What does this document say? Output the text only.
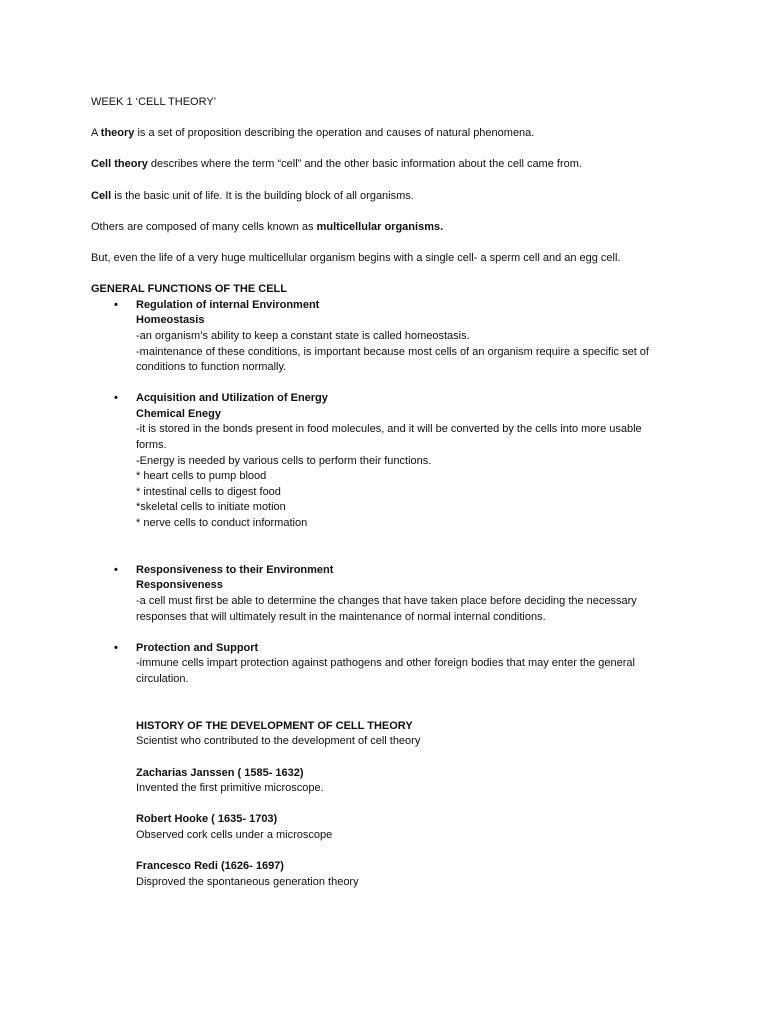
WEEK 1 ‘CELL THEORY’

A theory is a set of proposition describing the operation and causes of natural phenomena.

Cell theory describes where the term “cell” and the other basic information about the cell came from.

Cell is the basic unit of life. It is the building block of all organisms.

Others are composed of many cells known as multicellular organisms.

But, even the life of a very huge multicellular organism begins with a single cell- a sperm cell and an egg cell.

GENERAL FUNCTIONS OF THE CELL

• Regulation of internal Environment
Homeostasis
-an organism’s ability to keep a constant state is called homeostasis.
-maintenance of these conditions, is important because most cells of an organism require a specific set of
conditions to function normally.
• Acquisition and Utilization of Energy
Chemical Enegy
-it is stored in the bonds present in food molecules, and it will be converted by the cells into more usable
forms.
-Energy is needed by various cells to perform their functions.
* heart cells to pump blood
* intestinal cells to digest food
*skeletal cells to initiate motion
* nerve cells to conduct information
• Responsiveness to their Environment
Responsiveness
-a cell must first be able to determine the changes that have taken place before deciding the necessary
responses that will ultimately result in the maintenance of normal internal conditions.
• Protection and Support
-immune cells impart protection against pathogens and other foreign bodies that may enter the general
circulation.

HISTORY OF THE DEVELOPMENT OF CELL THEORY

Scientist who contributed to the development of cell theory

Zacharias Janssen ( 1585- 1632)

Invented the first primitive microscope.

Robert Hooke ( 1635- 1703)

Observed cork cells under a microscope

Francesco Redi (1626- 1697)

Disproved the spontaneous generation theory
